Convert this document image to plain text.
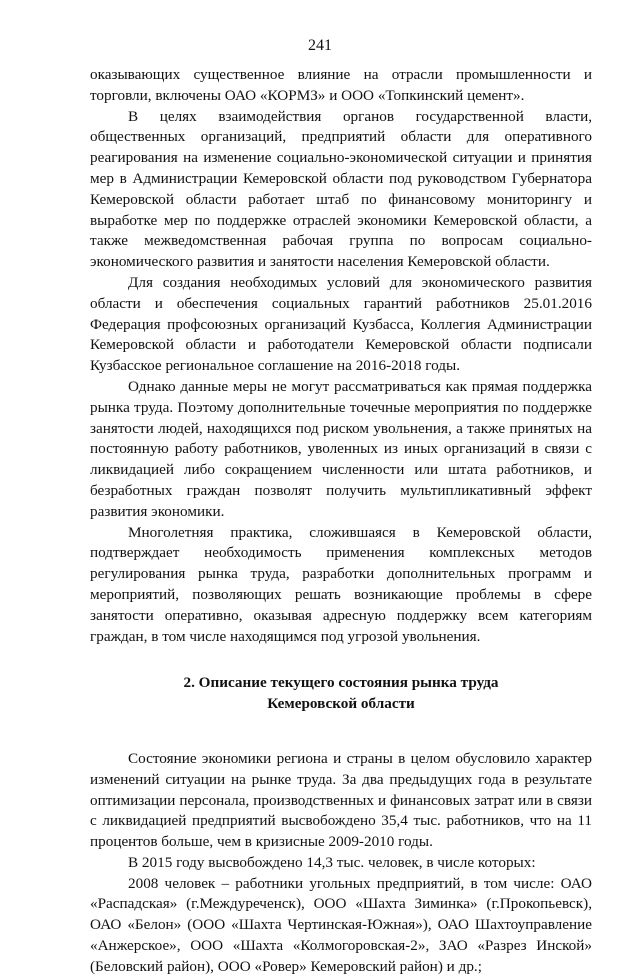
241

оказывающих существенное влияние на отрасли промышленности и торговли, включены ОАО «КОРМЗ» и ООО «Топкинский цемент».

В целях взаимодействия органов государственной власти, общественных организаций, предприятий области для оперативного реагирования на изменение социально-экономической ситуации и принятия мер в Администрации Кемеровской области под руководством Губернатора Кемеровской области работает штаб по финансовому мониторингу и выработке мер по поддержке отраслей экономики Кемеровской области, а также межведомственная рабочая группа по вопросам социально-экономического развития и занятости населения Кемеровской области.

Для создания необходимых условий для экономического развития области и обеспечения социальных гарантий работников 25.01.2016 Федерация профсоюзных организаций Кузбасса, Коллегия Администрации Кемеровской области и работодатели Кемеровской области подписали Кузбасское региональное соглашение на 2016-2018 годы.

Однако данные меры не могут рассматриваться как прямая поддержка рынка труда. Поэтому дополнительные точечные мероприятия по поддержке занятости людей, находящихся под риском увольнения, а также принятых на постоянную работу работников, уволенных из иных организаций в связи с ликвидацией либо сокращением численности или штата работников, и безработных граждан позволят получить мультипликативный эффект развития экономики.

Многолетняя практика, сложившаяся в Кемеровской области, подтверждает необходимость применения комплексных методов регулирования рынка труда, разработки дополнительных программ и мероприятий, позволяющих решать возникающие проблемы в сфере занятости оперативно, оказывая адресную поддержку всем категориям граждан, в том числе находящимся под угрозой увольнения.

2. Описание текущего состояния рынка труда
Кемеровской области

Состояние экономики региона и страны в целом обусловило характер изменений ситуации на рынке труда. За два предыдущих года в результате оптимизации персонала, производственных и финансовых затрат или в связи с ликвидацией предприятий высвобождено 35,4 тыс. работников, что на 11 процентов больше, чем в кризисные 2009-2010 годы.

В 2015 году высвобождено 14,3 тыс. человек, в числе которых:

2008 человек – работники угольных предприятий, в том числе: ОАО «Распадская» (г.Междуреченск), ООО «Шахта Зиминка» (г.Прокопьевск), ОАО «Белон» (ООО «Шахта Чертинская-Южная»), ОАО Шахтоуправление «Анжерское», ООО «Шахта «Колмогоровская-2», ЗАО «Разрез Инской» (Беловский район), ООО «Ровер» Кемеровский район) и др.;
